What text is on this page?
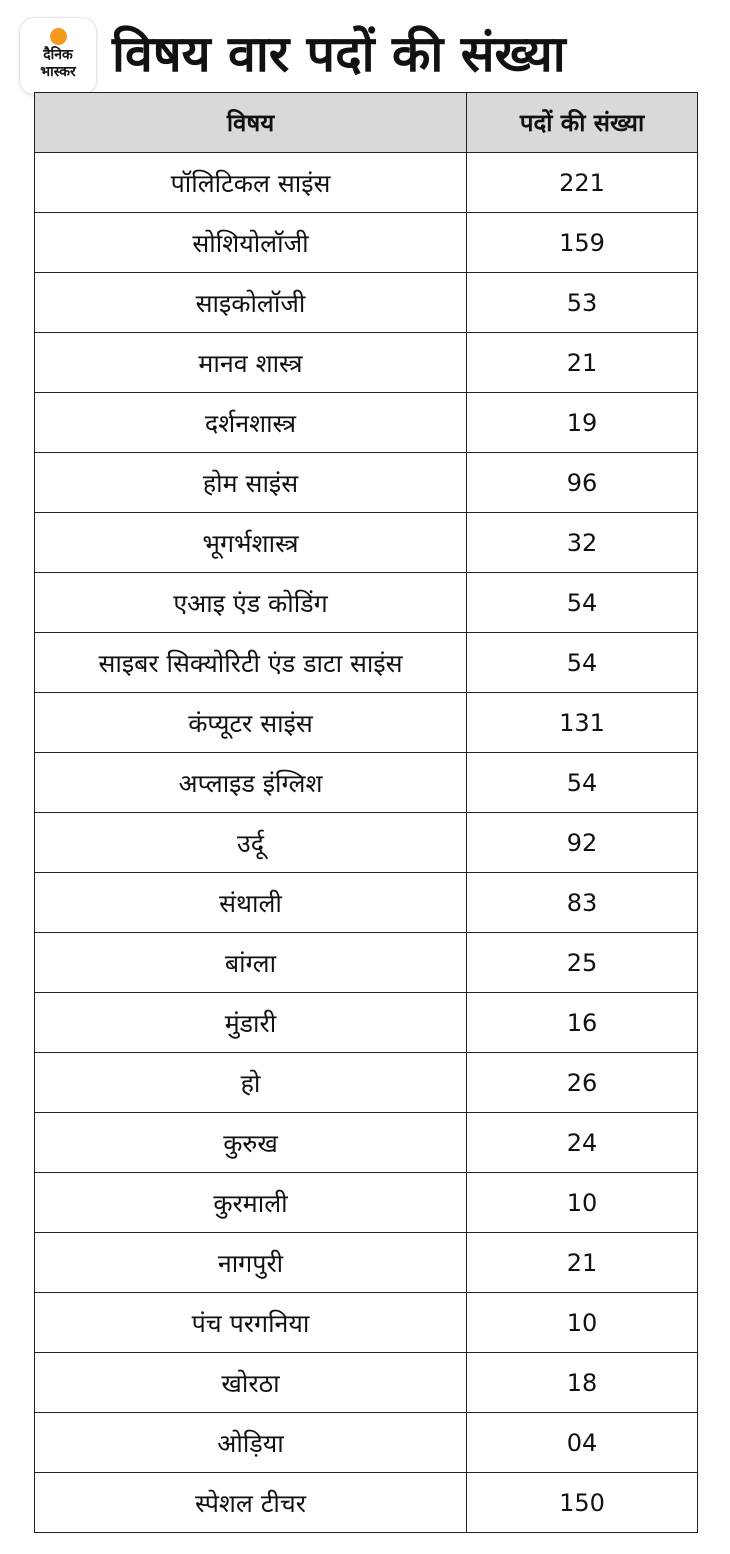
दैनिक
भास्कर विषय वार पदों की संख्या
विषय	पदों की संख्या
पॉलिटिकल साइंस	221
सोशियोलॉजी	159
साइकोलॉजी	53
मानव शास्त्र	21
दर्शनशास्त्र	19
होम साइंस	96
भूगर्भशास्त्र	32
एआइ एंड कोडिंग	54
साइबर सिक्योरिटी एंड डाटा साइंस	54
कंप्यूटर साइंस	131
अप्लाइड इंग्लिश	54
उर्दू	92
संथाली	83
बांग्ला	25
मुंडारी	16
हो	26
कुरुख	24
कुरमाली	10
नागपुरी	21
पंच परगनिया	10
खोरठा	18
ओड़िया	04
स्पेशल टीचर	150
